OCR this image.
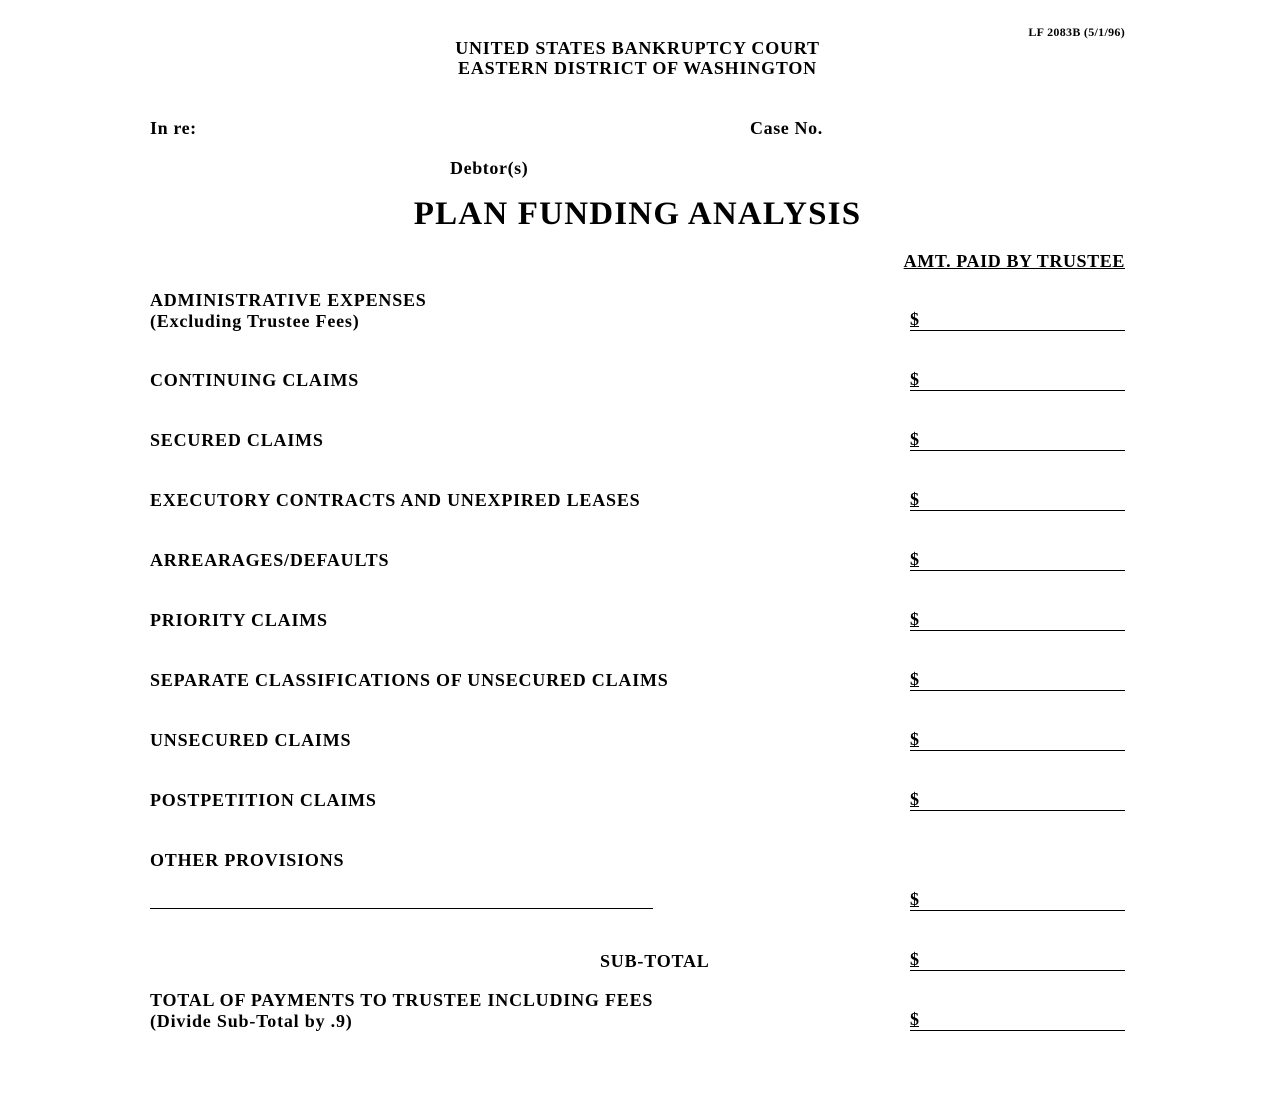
LF 2083B (5/1/96)
UNITED STATES BANKRUPTCY COURT
EASTERN DISTRICT OF WASHINGTON
In re:	Case No.
Debtor(s)
PLAN FUNDING ANALYSIS
AMT. PAID BY TRUSTEE
ADMINISTRATIVE EXPENSES
(Excluding Trustee Fees)	$
CONTINUING CLAIMS	$
SECURED CLAIMS	$
EXECUTORY CONTRACTS AND UNEXPIRED LEASES	$
ARREARAGES/DEFAULTS	$
PRIORITY CLAIMS	$
SEPARATE CLASSIFICATIONS OF UNSECURED CLAIMS	$
UNSECURED CLAIMS	$
POSTPETITION CLAIMS	$
OTHER PROVISIONS
$
SUB-TOTAL	$
TOTAL OF PAYMENTS TO TRUSTEE INCLUDING FEES
(Divide Sub-Total by .9)	$
